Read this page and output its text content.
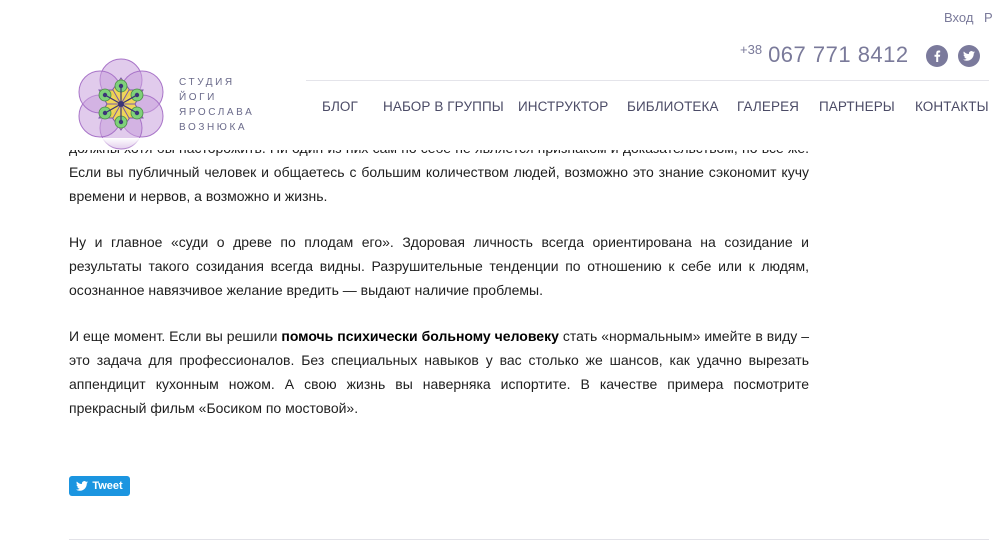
Если вы публичный человек и общаетесь с большим количеством людей, возможно это знание сэкономит кучу времени и нервов, а возможно и жизнь.

Ну и главное «суди о древе по плодам его». Здоровая личность всегда ориентирована на созидание и результаты такого созидания всегда видны. Разрушительные тенденции по отношению к себе или к людям, осознанное навязчивое желание вредить — выдают наличие проблемы.

И еще момент. Если вы решили помочь психически больному человеку стать «нормальным» имейте в виду – это задача для профессионалов. Без специальных навыков у вас столько же шансов, как удачно вырезать аппендицит кухонным ножом. А свою жизнь вы наверняка испортите. В качестве примера посмотрите прекрасный фильм «Босиком по мостовой».

Вход Р
$^{+38}$ 067 771 8412
СТУДИЯ
ЙОГИ
ЯРОСЛАВА
ВОЗНЮКА
БЛОГ	НАБОР В ГРУППЫ	ИНСТРУКТОР	БИБЛИОТЕКА	ГАЛЕРЕЯ	ПАРТНЕРЫ	КОНТАКТЫ
Tweet
